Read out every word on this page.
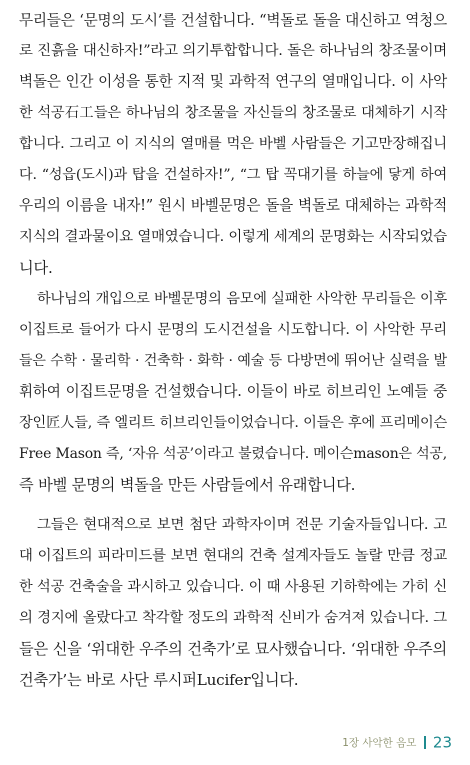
무리들은 ‘문명의 도시’를 건설합니다. “벽돌로 돌을 대신하고 역청으
로 진흙을 대신하자!”라고 의기투합합니다. 돌은 하나님의 창조물이며
벽돌은 인간 이성을 통한 지적 및 과학적 연구의 열매입니다. 이 사악
한 석공石工들은 하나님의 창조물을 자신들의 창조물로 대체하기 시작
합니다. 그리고 이 지식의 열매를 먹은 바벨 사람들은 기고만장해집니
다. “성읍(도시)과 탑을 건설하자!”, “그 탑 꼭대기를 하늘에 닿게 하여
우리의 이름을 내자!” 원시 바벨문명은 돌을 벽돌로 대체하는 과학적
지식의 결과물이요 열매였습니다. 이렇게 세계의 문명화는 시작되었습
니다.
하나님의 개입으로 바벨문명의 음모에 실패한 사악한 무리들은 이후
이집트로 들어가 다시 문명의 도시건설을 시도합니다. 이 사악한 무리
들은 수학 · 물리학 · 건축학 · 화학 · 예술 등 다방면에 뛰어난 실력을 발
휘하여 이집트문명을 건설했습니다. 이들이 바로 히브리인 노예들 중
장인匠人들, 즉 엘리트 히브리인들이었습니다. 이들은 후에 프리메이슨
Free Mason 즉, ‘자유 석공’이라고 불렸습니다. 메이슨mason은 석공,
즉 바벨 문명의 벽돌을 만든 사람들에서 유래합니다.
그들은 현대적으로 보면 첨단 과학자이며 전문 기술자들입니다. 고
대 이집트의 피라미드를 보면 현대의 건축 설계자들도 놀랄 만큼 정교
한 석공 건축술을 과시하고 있습니다. 이 때 사용된 기하학에는 가히 신
의 경지에 올랐다고 착각할 정도의 과학적 신비가 숨겨져 있습니다. 그
들은 신을 ‘위대한 우주의 건축가’로 묘사했습니다. ‘위대한 우주의
건축가’는 바로 사단 루시퍼Lucifer입니다.
1장 사악한 음모 23
